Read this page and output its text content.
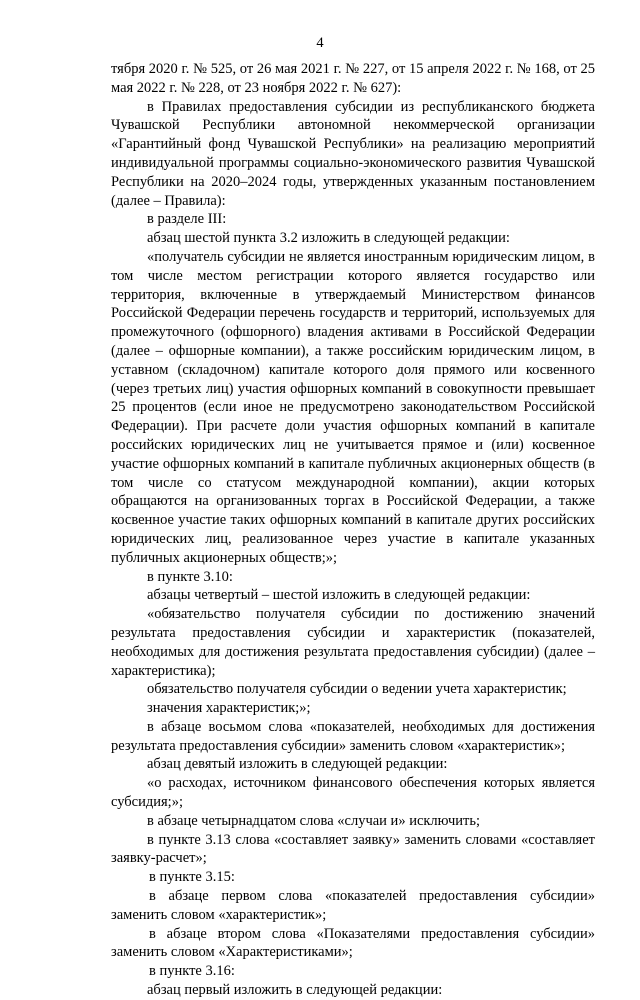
4

тября 2020 г. № 525, от 26 мая 2021 г. № 227, от 15 апреля 2022 г. № 168, от 25 мая 2022 г. № 228, от 23 ноября 2022 г. № 627):

в Правилах предоставления субсидии из республиканского бюджета Чувашской Республики автономной некоммерческой организации «Гарантийный фонд Чувашской Республики» на реализацию мероприятий индивидуальной программы социально-экономического развития Чувашской Республики на 2020–2024 годы, утвержденных указанным постановлением (далее – Правила):

в разделе III:

абзац шестой пункта 3.2 изложить в следующей редакции:

«получатель субсидии не является иностранным юридическим лицом, в том числе местом регистрации которого является государство или территория, включенные в утверждаемый Министерством финансов Российской Федерации перечень государств и территорий, используемых для промежуточного (офшорного) владения активами в Российской Федерации (далее – офшорные компании), а также российским юридическим лицом, в уставном (складочном) капитале которого доля прямого или косвенного (через третьих лиц) участия офшорных компаний в совокупности превышает 25 процентов (если иное не предусмотрено законодательством Российской Федерации). При расчете доли участия офшорных компаний в капитале российских юридических лиц не учитывается прямое и (или) косвенное участие офшорных компаний в капитале публичных акционерных обществ (в том числе со статусом международной компании), акции которых обращаются на организованных торгах в Российской Федерации, а также косвенное участие таких офшорных компаний в капитале других российских юридических лиц, реализованное через участие в капитале указанных публичных акционерных обществ;»;

в пункте 3.10:

абзацы четвертый – шестой изложить в следующей редакции:

«обязательство получателя субсидии по достижению значений результата предоставления субсидии и характеристик (показателей, необходимых для достижения результата предоставления субсидии) (далее – характеристика);

обязательство получателя субсидии о ведении учета характеристик;

значения характеристик;»;

в абзаце восьмом слова «показателей, необходимых для достижения результата предоставления субсидии» заменить словом «характеристик»;

абзац девятый изложить в следующей редакции:

«о расходах, источником финансового обеспечения которых является субсидия;»;

в абзаце четырнадцатом слова «случаи и» исключить;

в пункте 3.13 слова «составляет заявку» заменить словами «составляет заявку-расчет»;

в пункте 3.15:

в абзаце первом слова «показателей предоставления субсидии» заменить словом «характеристик»;

в абзаце втором слова «Показателями предоставления субсидии» заменить словом «Характеристиками»;

в пункте 3.16:

абзац первый изложить в следующей редакции:
